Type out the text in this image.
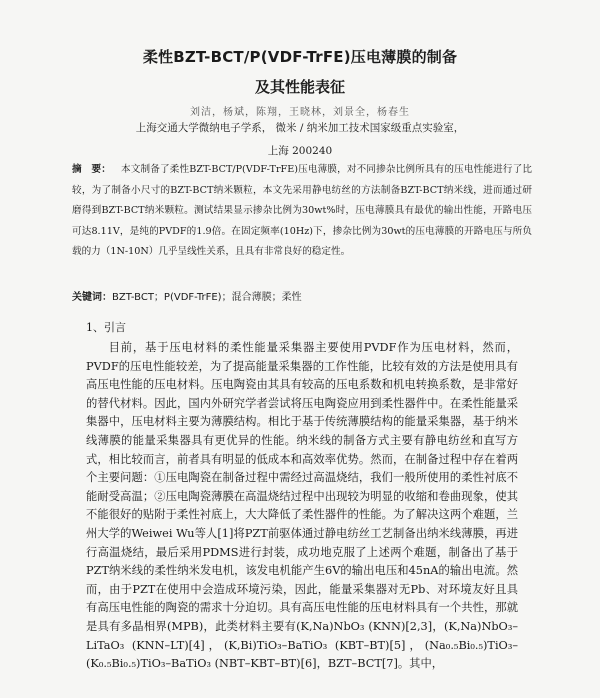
柔性BZT-BCT/P(VDF-TrFE)压电薄膜的制备
及其性能表征
刘洁，杨斌，陈翔，王晓林，刘景全，杨春生
上海交通大学微纳电子学系， 微米 / 纳米加工技术国家级重点实验室，
上海 200240
摘　要： 本文制备了柔性BZT-BCT/P(VDF-TrFE)压电薄膜，对不同掺杂比例所具有的压电性能进行了比较，为了制备小尺寸的BZT-BCT纳米颗粒，本文先采用静电纺丝的方法制备BZT-BCT纳米线，进而通过研磨得到BZT-BCT纳米颗粒。测试结果显示掺杂比例为30wt%时，压电薄膜具有最优的输出性能，开路电压可达8.11V，是纯的PVDF的1.9倍。在固定频率(10Hz)下，掺杂比例为30wt的压电薄膜的开路电压与所负载的力（1N-10N）几乎呈线性关系，且具有非常良好的稳定性。
关键词：BZT-BCT；P(VDF-TrFE)；混合薄膜；柔性
1、引言

目前，基于压电材料的柔性能量采集器主要使用PVDF作为压电材料，然而，PVDF的压电性能较差，为了提高能量采集器的工作性能，比较有效的方法是使用具有高压电性能的压电材料。压电陶瓷由其具有较高的压电系数和机电转换系数，是非常好的替代材料。因此，国内外研究学者尝试将压电陶瓷应用到柔性器件中。在柔性能量采集器中，压电材料主要为薄膜结构。相比于基于传统薄膜结构的能量采集器，基于纳米线薄膜的能量采集器具有更优异的性能。纳米线的制备方式主要有静电纺丝和直写方式，相比较而言，前者具有明显的低成本和高效率优势。然而，在制备过程中存在着两个主要问题：①压电陶瓷在制备过程中需经过高温烧结，我们一般所使用的柔性衬底不能耐受高温；②压电陶瓷薄膜在高温烧结过程中出现较为明显的收缩和卷曲现象，使其不能很好的贴附于柔性衬底上，大大降低了柔性器件的性能。为了解决这两个难题，兰州大学的Weiwei Wu等人[1]将PZT前驱体通过静电纺丝工艺制备出纳米线薄膜，再进行高温烧结，最后采用PDMS进行封装，成功地克服了上述两个难题，制备出了基于PZT纳米线的柔性纳米发电机，该发电机能产生6V的输出电压和45nA的输出电流。然而，由于PZT在使用中会造成环境污染，因此，能量采集器对无Pb、对环境友好且具有高压电性能的陶瓷的需求十分迫切。具有高压电性能的压电材料具有一个共性，那就是具有多晶相界(MPB)，此类材料主要有(K,Na)NbO₃ (KNN)[2,3]，(K,Na)NbO₃–LiTaO₃ (KNN–LT)[4]，(K,Bi)TiO₃–BaTiO₃ (KBT–BT)[5]，(Na₀.₅Bi₀.₅)TiO₃–(K₀.₅Bi₀.₅)TiO₃–BaTiO₃ (NBT–KBT–BT)[6]，BZT–BCT[7]。其中，
